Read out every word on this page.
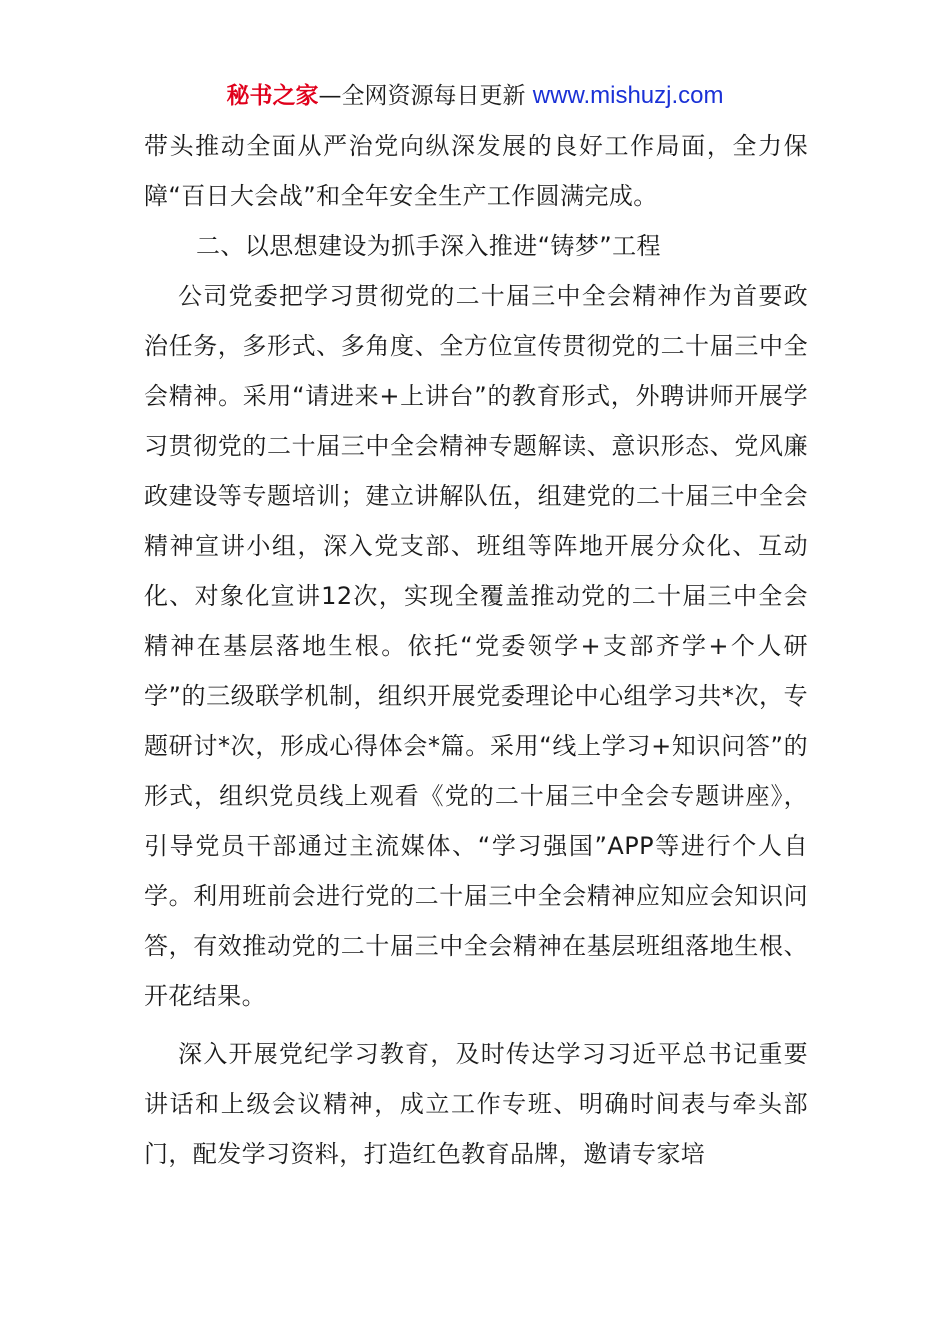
秘书之家—全网资源每日更新 www.mishuzj.com

带头推动全面从严治党向纵深发展的良好工作局面，全力保障“百日大会战”和全年安全生产工作圆满完成。

二、以思想建设为抓手深入推进“铸梦”工程

公司党委把学习贯彻党的二十届三中全会精神作为首要政治任务，多形式、多角度、全方位宣传贯彻党的二十届三中全会精神。采用“请进来+上讲台”的教育形式，外聘讲师开展学习贯彻党的二十届三中全会精神专题解读、意识形态、党风廉政建设等专题培训；建立讲解队伍，组建党的二十届三中全会精神宣讲小组，深入党支部、班组等阵地开展分众化、互动化、对象化宣讲12次，实现全覆盖推动党的二十届三中全会精神在基层落地生根。依托“党委领学+支部齐学+个人研学”的三级联学机制，组织开展党委理论中心组学习共*次，专题研讨*次，形成心得体会*篇。采用“线上学习+知识问答”的形式，组织党员线上观看《党的二十届三中全会专题讲座》，引导党员干部通过主流媒体、“学习强国”APP等进行个人自学。利用班前会进行党的二十届三中全会精神应知应会知识问答，有效推动党的二十届三中全会精神在基层班组落地生根、开花结果。

深入开展党纪学习教育，及时传达学习习近平总书记重要讲话和上级会议精神，成立工作专班、明确时间表与牵头部门，配发学习资料，打造红色教育品牌，邀请专家培
